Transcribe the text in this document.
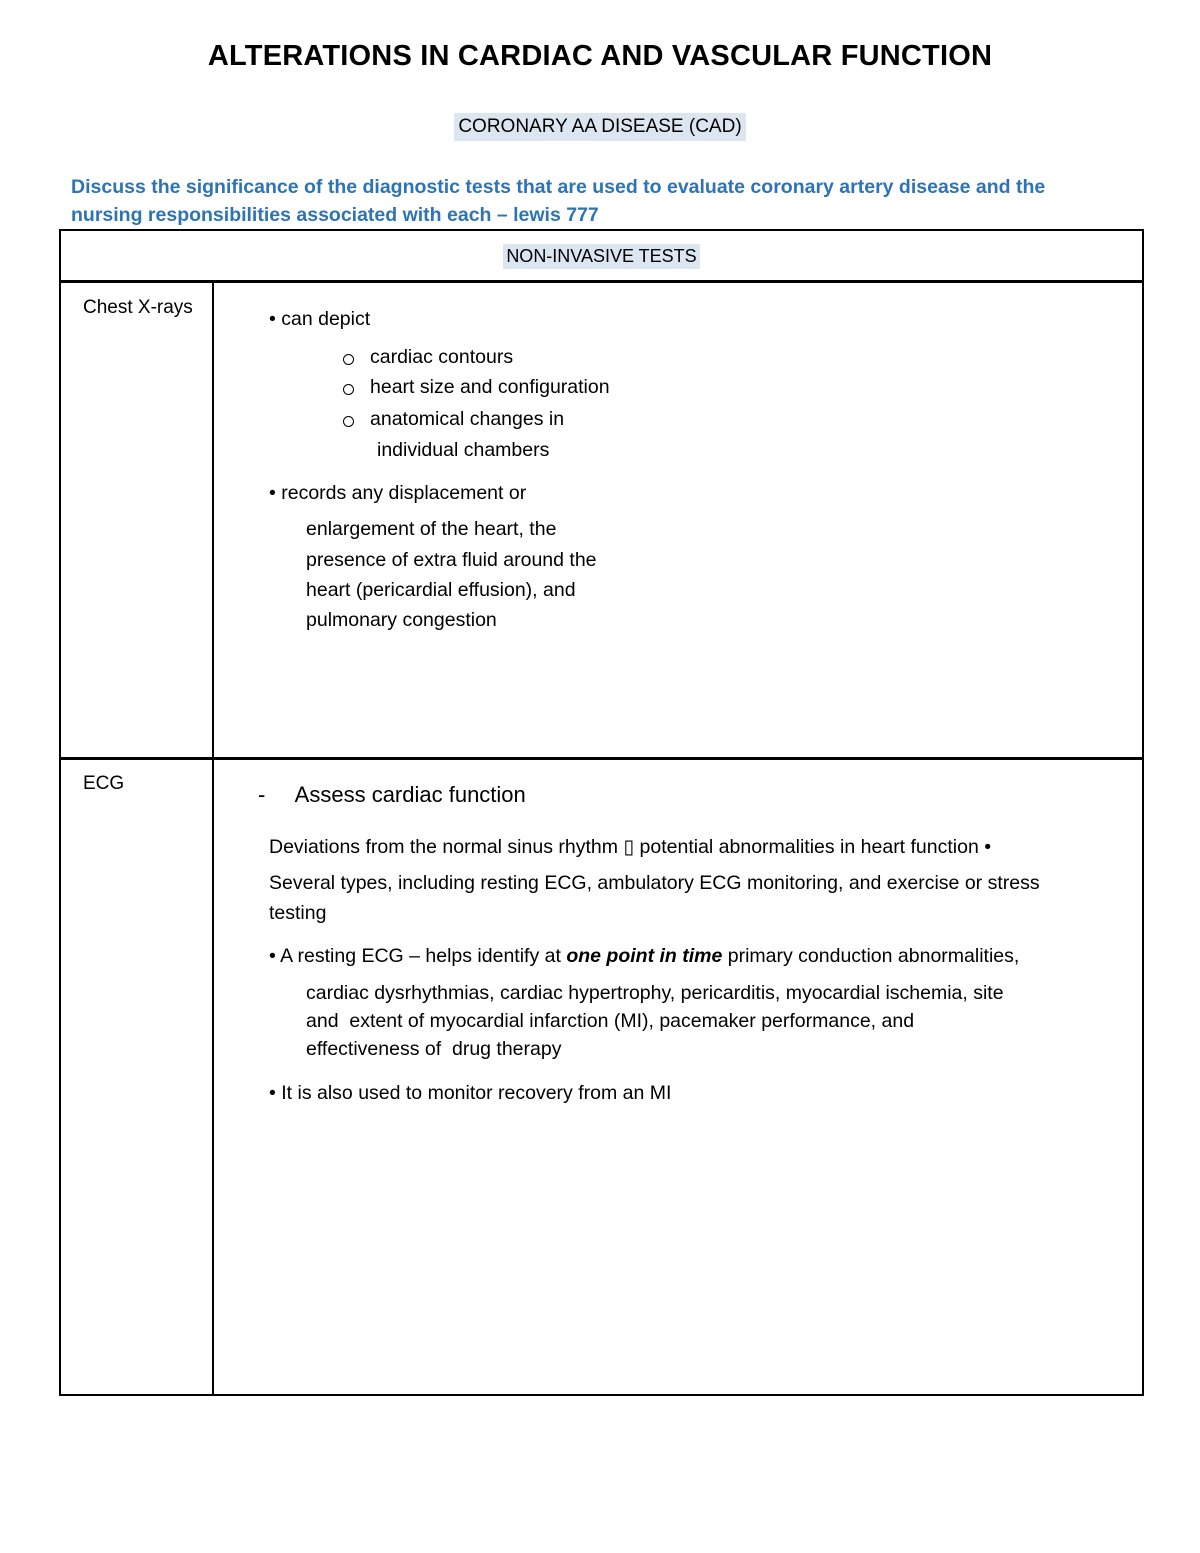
ALTERATIONS IN CARDIAC AND VASCULAR FUNCTION
CORONARY AA DISEASE (CAD)
Discuss the significance of the diagnostic tests that are used to evaluate coronary artery disease and the
nursing responsibilities associated with each – lewis 777
NON-INVASIVE TESTS
Chest X-rays
• can depict
cardiac contours
heart size and configuration
anatomical changes in
individual chambers
• records any displacement or
enlargement of the heart, the
presence of extra fluid around the
heart (pericardial effusion), and
pulmonary congestion
ECG	-     Assess cardiac function
Deviations from the normal sinus rhythm ▯ potential abnormalities in heart function •
Several types, including resting ECG, ambulatory ECG monitoring, and exercise or stress
testing
• A resting ECG – helps identify at one point in time primary conduction abnormalities,
cardiac dysrhythmias, cardiac hypertrophy, pericarditis, myocardial ischemia, site
and  extent of myocardial infarction (MI), pacemaker performance, and
effectiveness of  drug therapy
• It is also used to monitor recovery from an MI
